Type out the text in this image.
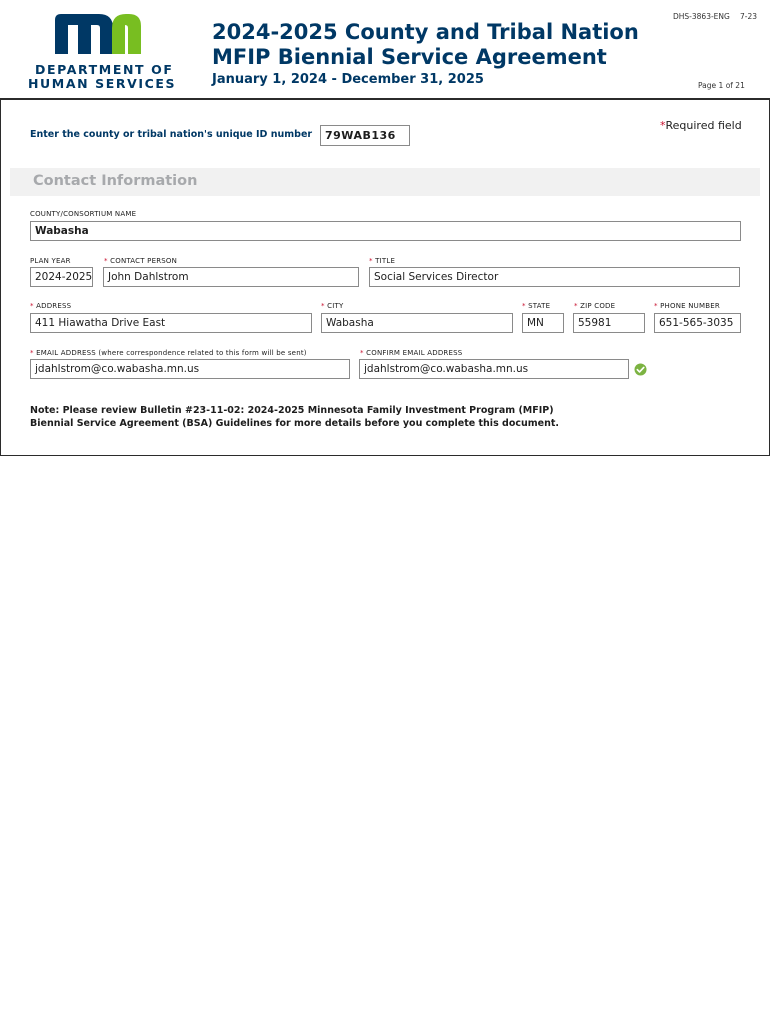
DEPARTMENT OF
HUMAN SERVICES
2024-2025 County and Tribal Nation
MFIP Biennial Service Agreement
January 1, 2024 - December 31, 2025
DHS-3863-ENG 7-23
Page 1 of 21
*Required field
Enter the county or tribal nation's unique ID number	79WAB136
Contact Information
COUNTY/CONSORTIUM NAME
Wabasha
PLAN YEAR
2024-2025
* CONTACT PERSON
John Dahlstrom
* TITLE
Social Services Director
* ADDRESS
411 Hiawatha Drive East
* CITY
Wabasha
* STATE
MN
* ZIP CODE
55981
* PHONE NUMBER
651-565-3035
* EMAIL ADDRESS (where correspondence related to this form will be sent)
jdahlstrom@co.wabasha.mn.us
* CONFIRM EMAIL ADDRESS
jdahlstrom@co.wabasha.mn.us
Note: Please review Bulletin #23-11-02: 2024-2025 Minnesota Family Investment Program (MFIP)
Biennial Service Agreement (BSA) Guidelines for more details before you complete this document.
